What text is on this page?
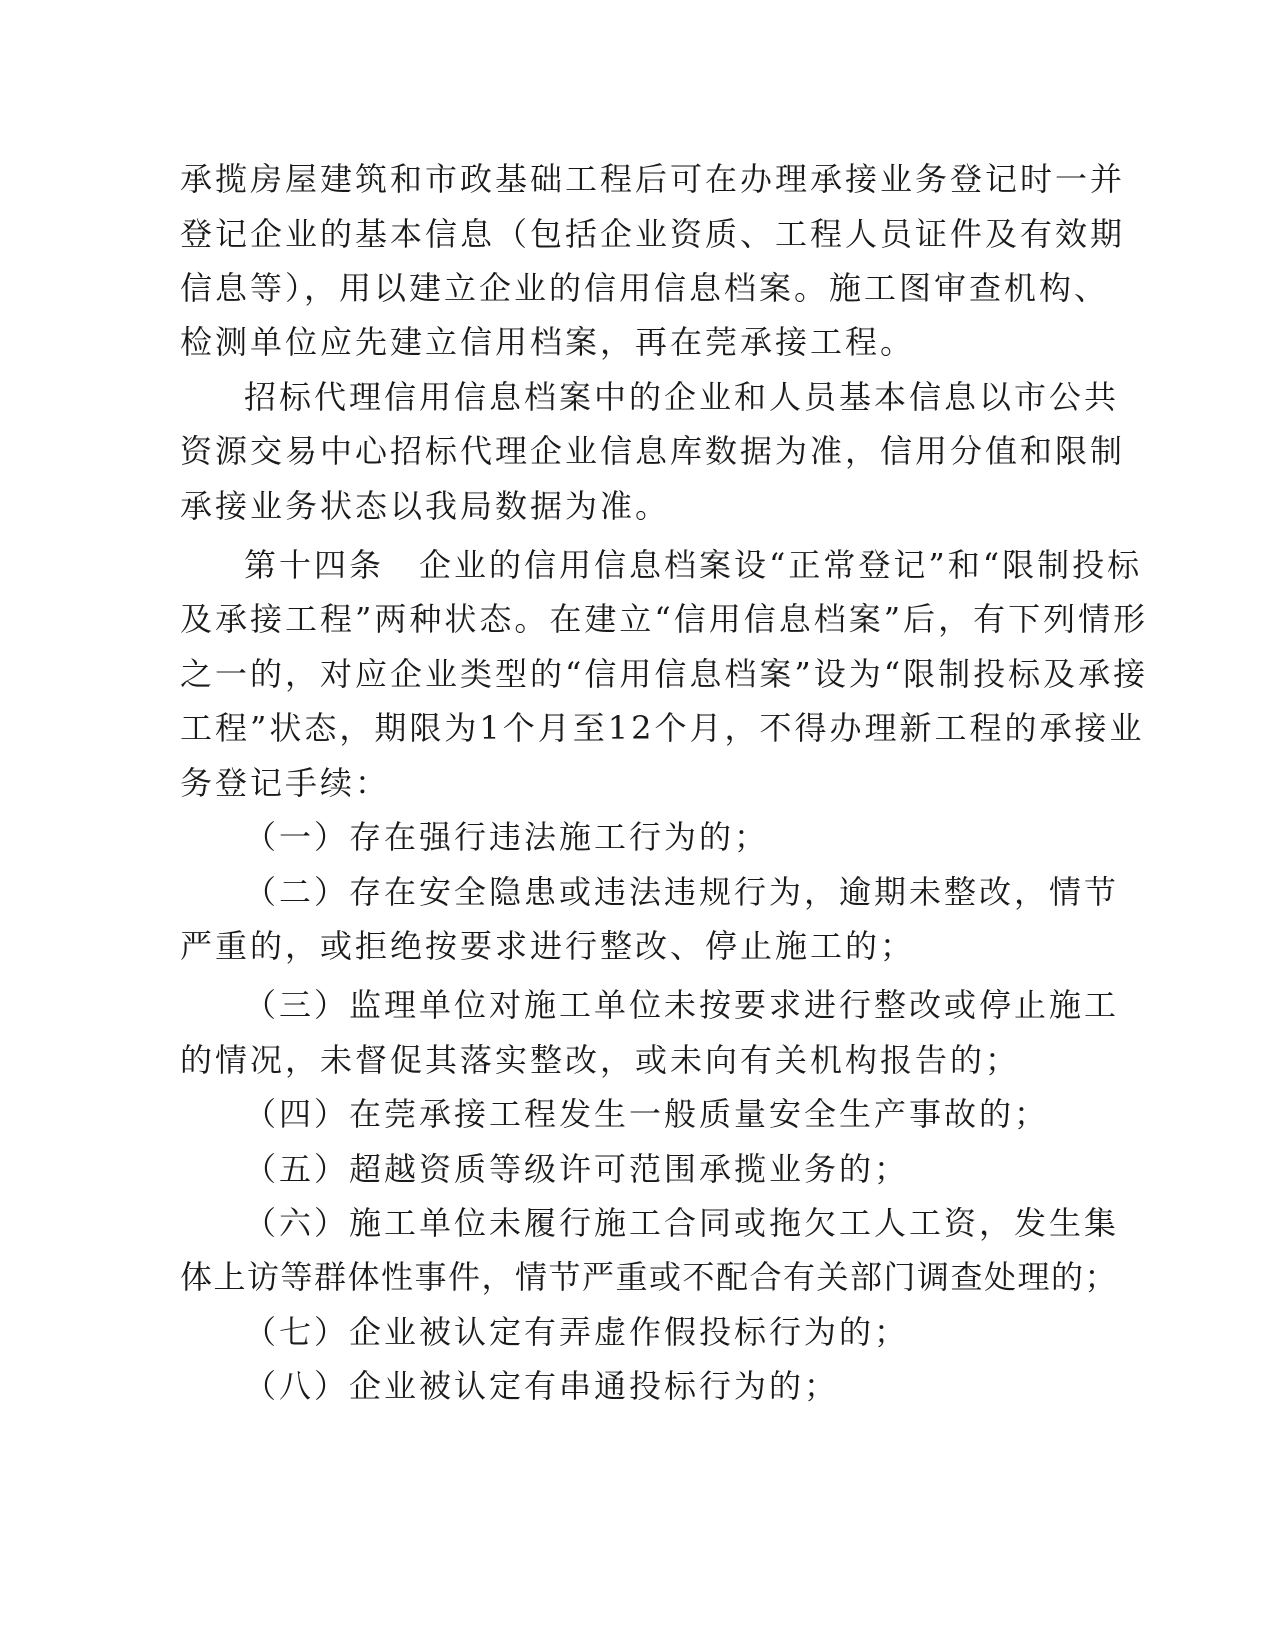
承揽房屋建筑和市政基础工程后可在办理承接业务登记时一并
登记企业的基本信息（包括企业资质、工程人员证件及有效期
信息等），用以建立企业的信用信息档案。施工图审查机构、
检测单位应先建立信用档案，再在莞承接工程。
招标代理信用信息档案中的企业和人员基本信息以市公共
资源交易中心招标代理企业信息库数据为准，信用分值和限制
承接业务状态以我局数据为准。
第十四条　企业的信用信息档案设“正常登记”和“限制投标
及承接工程”两种状态。在建立“信用信息档案”后，有下列情形
之一的，对应企业类型的“信用信息档案”设为“限制投标及承接
工程”状态，期限为1个月至12个月，不得办理新工程的承接业
务登记手续：
（一）存在强行违法施工行为的；
（二）存在安全隐患或违法违规行为，逾期未整改，情节
严重的，或拒绝按要求进行整改、停止施工的；
（三）监理单位对施工单位未按要求进行整改或停止施工
的情况，未督促其落实整改，或未向有关机构报告的；
（四）在莞承接工程发生一般质量安全生产事故的；
（五）超越资质等级许可范围承揽业务的；
（六）施工单位未履行施工合同或拖欠工人工资，发生集
体上访等群体性事件，情节严重或不配合有关部门调查处理的；
（七）企业被认定有弄虚作假投标行为的；
（八）企业被认定有串通投标行为的；
